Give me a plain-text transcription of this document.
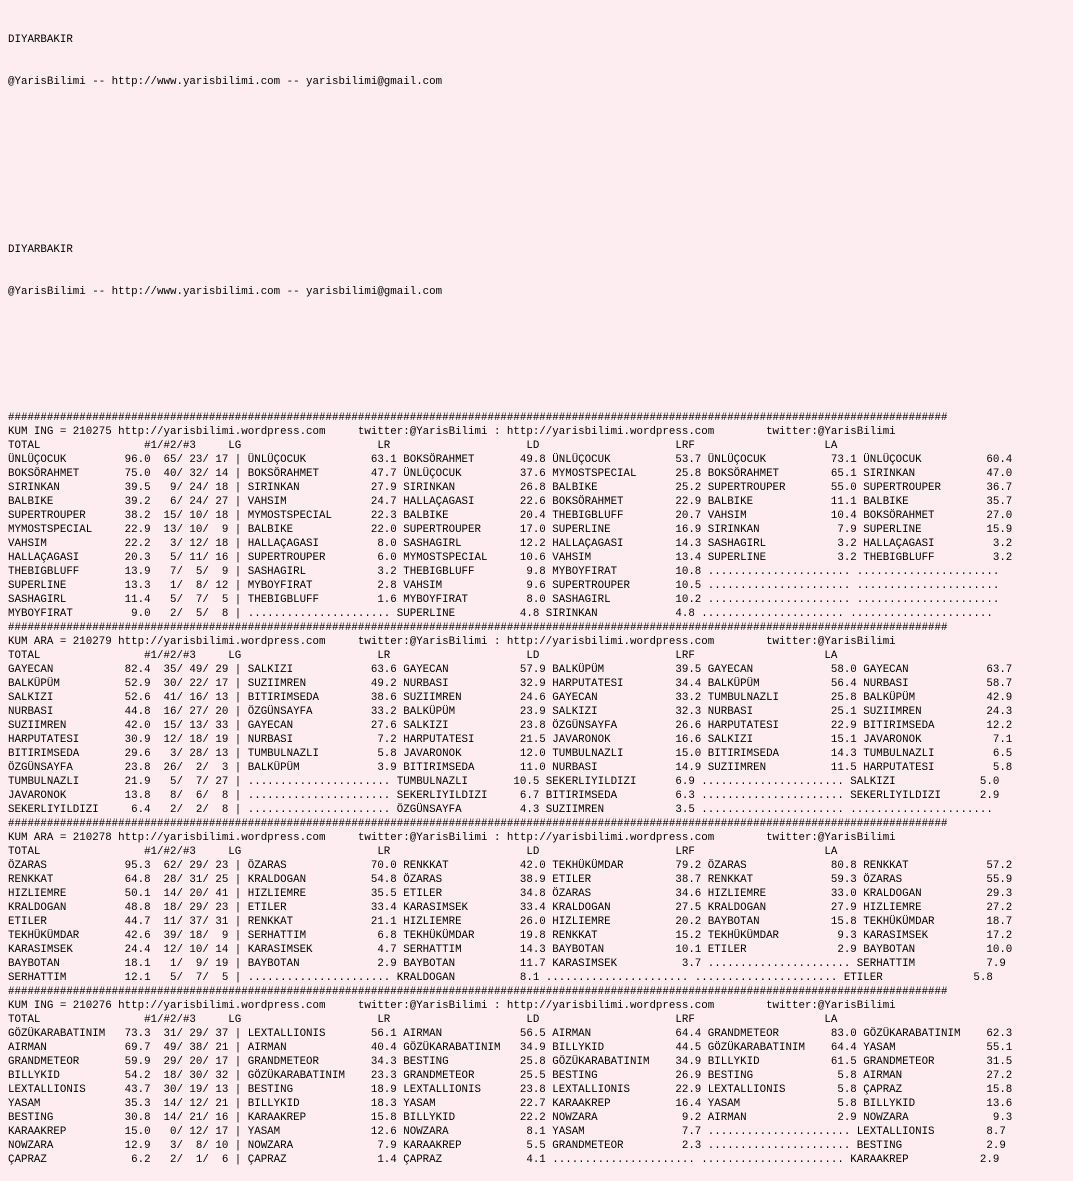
DIYARBAKIR

@YarisBilimi -- http://www.yarisbilimi.com -- yarisbilimi@gmail.com

DIYARBAKIR

@YarisBilimi -- http://www.yarisbilimi.com -- yarisbilimi@gmail.com

#################################################################################################################################################
KUM ING = 210275 http://yarisbilimi.wordpress.com     twitter:@YarisBilimi : http://yarisbilimi.wordpress.com        twitter:@YarisBilimi
TOTAL                #1/#2/#3     LG                     LR                     LD                     LRF                    LA
ÜNLÜÇOCUK         96.0  65/ 23/ 17 | ÜNLÜÇOCUK          63.1 BOKSÖRAHMET       49.8 ÜNLÜÇOCUK          53.7 ÜNLÜÇOCUK          73.1 ÜNLÜÇOCUK          60.4
BOKSÖRAHMET       75.0  40/ 32/ 14 | BOKSÖRAHMET        47.7 ÜNLÜÇOCUK         37.6 MYMOSTSPECIAL      25.8 BOKSÖRAHMET        65.1 SIRINKAN           47.0
SIRINKAN          39.5   9/ 24/ 18 | SIRINKAN           27.9 SIRINKAN          26.8 BALBIKE            25.2 SUPERTROUPER       55.0 SUPERTROUPER       36.7
BALBIKE           39.2   6/ 24/ 27 | VAHSIM             24.7 HALLAÇAGASI       22.6 BOKSÖRAHMET        22.9 BALBIKE            11.1 BALBIKE            35.7
SUPERTROUPER      38.2  15/ 10/ 18 | MYMOSTSPECIAL      22.3 BALBIKE           20.4 THEBIGBLUFF        20.7 VAHSIM             10.4 BOKSÖRAHMET        27.0
MYMOSTSPECIAL     22.9  13/ 10/  9 | BALBIKE            22.0 SUPERTROUPER      17.0 SUPERLINE          16.9 SIRINKAN            7.9 SUPERLINE          15.9
VAHSIM            22.2   3/ 12/ 18 | HALLAÇAGASI         8.0 SASHAGIRL         12.2 HALLAÇAGASI        14.3 SASHAGIRL           3.2 HALLAÇAGASI         3.2
HALLAÇAGASI       20.3   5/ 11/ 16 | SUPERTROUPER        6.0 MYMOSTSPECIAL     10.6 VAHSIM             13.4 SUPERLINE           3.2 THEBIGBLUFF         3.2
THEBIGBLUFF       13.9   7/  5/  9 | SASHAGIRL           3.2 THEBIGBLUFF        9.8 MYBOYFIRAT         10.8 ...................... ......................
SUPERLINE         13.3   1/  8/ 12 | MYBOYFIRAT          2.8 VAHSIM             9.6 SUPERTROUPER       10.5 ...................... ......................
SASHAGIRL         11.4   5/  7/  5 | THEBIGBLUFF         1.6 MYBOYFIRAT         8.0 SASHAGIRL          10.2 ...................... ......................
MYBOYFIRAT         9.0   2/  5/  8 | ...................... SUPERLINE          4.8 SIRINKAN            4.8 ...................... ......................
#################################################################################################################################################
KUM ARA = 210279 http://yarisbilimi.wordpress.com     twitter:@YarisBilimi : http://yarisbilimi.wordpress.com        twitter:@YarisBilimi
TOTAL                #1/#2/#3     LG                     LR                     LD                     LRF                    LA
GAYECAN           82.4  35/ 49/ 29 | SALKIZI            63.6 GAYECAN           57.9 BALKÜPÜM           39.5 GAYECAN            58.0 GAYECAN            63.7
BALKÜPÜM          52.9  30/ 22/ 17 | SUZIIMREN          49.2 NURBASI           32.9 HARPUTATESI        34.4 BALKÜPÜM           56.4 NURBASI            58.7
SALKIZI           52.6  41/ 16/ 13 | BITIRIMSEDA        38.6 SUZIIMREN         24.6 GAYECAN            33.2 TUMBULNAZLI        25.8 BALKÜPÜM           42.9
NURBASI           44.8  16/ 27/ 20 | ÖZGÜNSAYFA         33.2 BALKÜPÜM          23.9 SALKIZI            32.3 NURBASI            25.1 SUZIIMREN          24.3
SUZIIMREN         42.0  15/ 13/ 33 | GAYECAN            27.6 SALKIZI           23.8 ÖZGÜNSAYFA         26.6 HARPUTATESI        22.9 BITIRIMSEDA        12.2
HARPUTATESI       30.9  12/ 18/ 19 | NURBASI             7.2 HARPUTATESI       21.5 JAVARONOK          16.6 SALKIZI            15.1 JAVARONOK           7.1
BITIRIMSEDA       29.6   3/ 28/ 13 | TUMBULNAZLI         5.8 JAVARONOK         12.0 TUMBULNAZLI        15.0 BITIRIMSEDA        14.3 TUMBULNAZLI         6.5
ÖZGÜNSAYFA        23.8  26/  2/  3 | BALKÜPÜM            3.9 BITIRIMSEDA       11.0 NURBASI            14.9 SUZIIMREN          11.5 HARPUTATESI         5.8
TUMBULNAZLI       21.9   5/  7/ 27 | ...................... TUMBULNAZLI       10.5 SEKERLIYILDIZI      6.9 ...................... SALKIZI             5.0
JAVARONOK         13.8   8/  6/  8 | ...................... SEKERLIYILDIZI     6.7 BITIRIMSEDA         6.3 ...................... SEKERLIYILDIZI      2.9
SEKERLIYILDIZI     6.4   2/  2/  8 | ...................... ÖZGÜNSAYFA         4.3 SUZIIMREN           3.5 ...................... ......................
#################################################################################################################################################
KUM ARA = 210278 http://yarisbilimi.wordpress.com     twitter:@YarisBilimi : http://yarisbilimi.wordpress.com        twitter:@YarisBilimi
TOTAL                #1/#2/#3     LG                     LR                     LD                     LRF                    LA
ÖZARAS            95.3  62/ 29/ 23 | ÖZARAS             70.0 RENKKAT           42.0 TEKHÜKÜMDAR        79.2 ÖZARAS             80.8 RENKKAT            57.2
RENKKAT           64.8  28/ 31/ 25 | KRALDOGAN          54.8 ÖZARAS            38.9 ETILER             38.7 RENKKAT            59.3 ÖZARAS             55.9
HIZLIEMRE         50.1  14/ 20/ 41 | HIZLIEMRE          35.5 ETILER            34.8 ÖZARAS             34.6 HIZLIEMRE          33.0 KRALDOGAN          29.3
KRALDOGAN         48.8  18/ 29/ 23 | ETILER             33.4 KARASIMSEK        33.4 KRALDOGAN          27.5 KRALDOGAN          27.9 HIZLIEMRE          27.2
ETILER            44.7  11/ 37/ 31 | RENKKAT            21.1 HIZLIEMRE         26.0 HIZLIEMRE          20.2 BAYBOTAN           15.8 TEKHÜKÜMDAR        18.7
TEKHÜKÜMDAR       42.6  39/ 18/  9 | SERHATTIM           6.8 TEKHÜKÜMDAR       19.8 RENKKAT            15.2 TEKHÜKÜMDAR         9.3 KARASIMSEK         17.2
KARASIMSEK        24.4  12/ 10/ 14 | KARASIMSEK          4.7 SERHATTIM         14.3 BAYBOTAN           10.1 ETILER              2.9 BAYBOTAN           10.0
BAYBOTAN          18.1   1/  9/ 19 | BAYBOTAN            2.9 BAYBOTAN          11.7 KARASIMSEK          3.7 ...................... SERHATTIM           7.9
SERHATTIM         12.1   5/  7/  5 | ...................... KRALDOGAN          8.1 ...................... ...................... ETILER              5.8
#################################################################################################################################################
KUM ING = 210276 http://yarisbilimi.wordpress.com     twitter:@YarisBilimi : http://yarisbilimi.wordpress.com        twitter:@YarisBilimi
TOTAL                #1/#2/#3     LG                     LR                     LD                     LRF                    LA
GÖZÜKARABATINIM   73.3  31/ 29/ 37 | LEXTALLIONIS       56.1 AIRMAN            56.5 AIRMAN             64.4 GRANDMETEOR        83.0 GÖZÜKARABATINIM    62.3
AIRMAN            69.7  49/ 38/ 21 | AIRMAN             40.4 GÖZÜKARABATINIM   34.9 BILLYKID           44.5 GÖZÜKARABATINIM    64.4 YASAM              55.1
GRANDMETEOR       59.9  29/ 20/ 17 | GRANDMETEOR        34.3 BESTING           25.8 GÖZÜKARABATINIM    34.9 BILLYKID           61.5 GRANDMETEOR        31.5
BILLYKID          54.2  18/ 30/ 32 | GÖZÜKARABATINIM    23.3 GRANDMETEOR       25.5 BESTING            26.9 BESTING             5.8 AIRMAN             27.2
LEXTALLIONIS      43.7  30/ 19/ 13 | BESTING            18.9 LEXTALLIONIS      23.8 LEXTALLIONIS       22.9 LEXTALLIONIS        5.8 ÇAPRAZ             15.8
YASAM             35.3  14/ 12/ 21 | BILLYKID           18.3 YASAM             22.7 KARAAKREP          16.4 YASAM               5.8 BILLYKID           13.6
BESTING           30.8  14/ 21/ 16 | KARAAKREP          15.8 BILLYKID          22.2 NOWZARA             9.2 AIRMAN              2.9 NOWZARA             9.3
KARAAKREP         15.0   0/ 12/ 17 | YASAM              12.6 NOWZARA            8.1 YASAM               7.7 ...................... LEXTALLIONIS        8.7
NOWZARA           12.9   3/  8/ 10 | NOWZARA             7.9 KARAAKREP          5.5 GRANDMETEOR         2.3 ...................... BESTING             2.9
ÇAPRAZ             6.2   2/  1/  6 | ÇAPRAZ              1.4 ÇAPRAZ             4.1 ...................... ...................... KARAAKREP           2.9
